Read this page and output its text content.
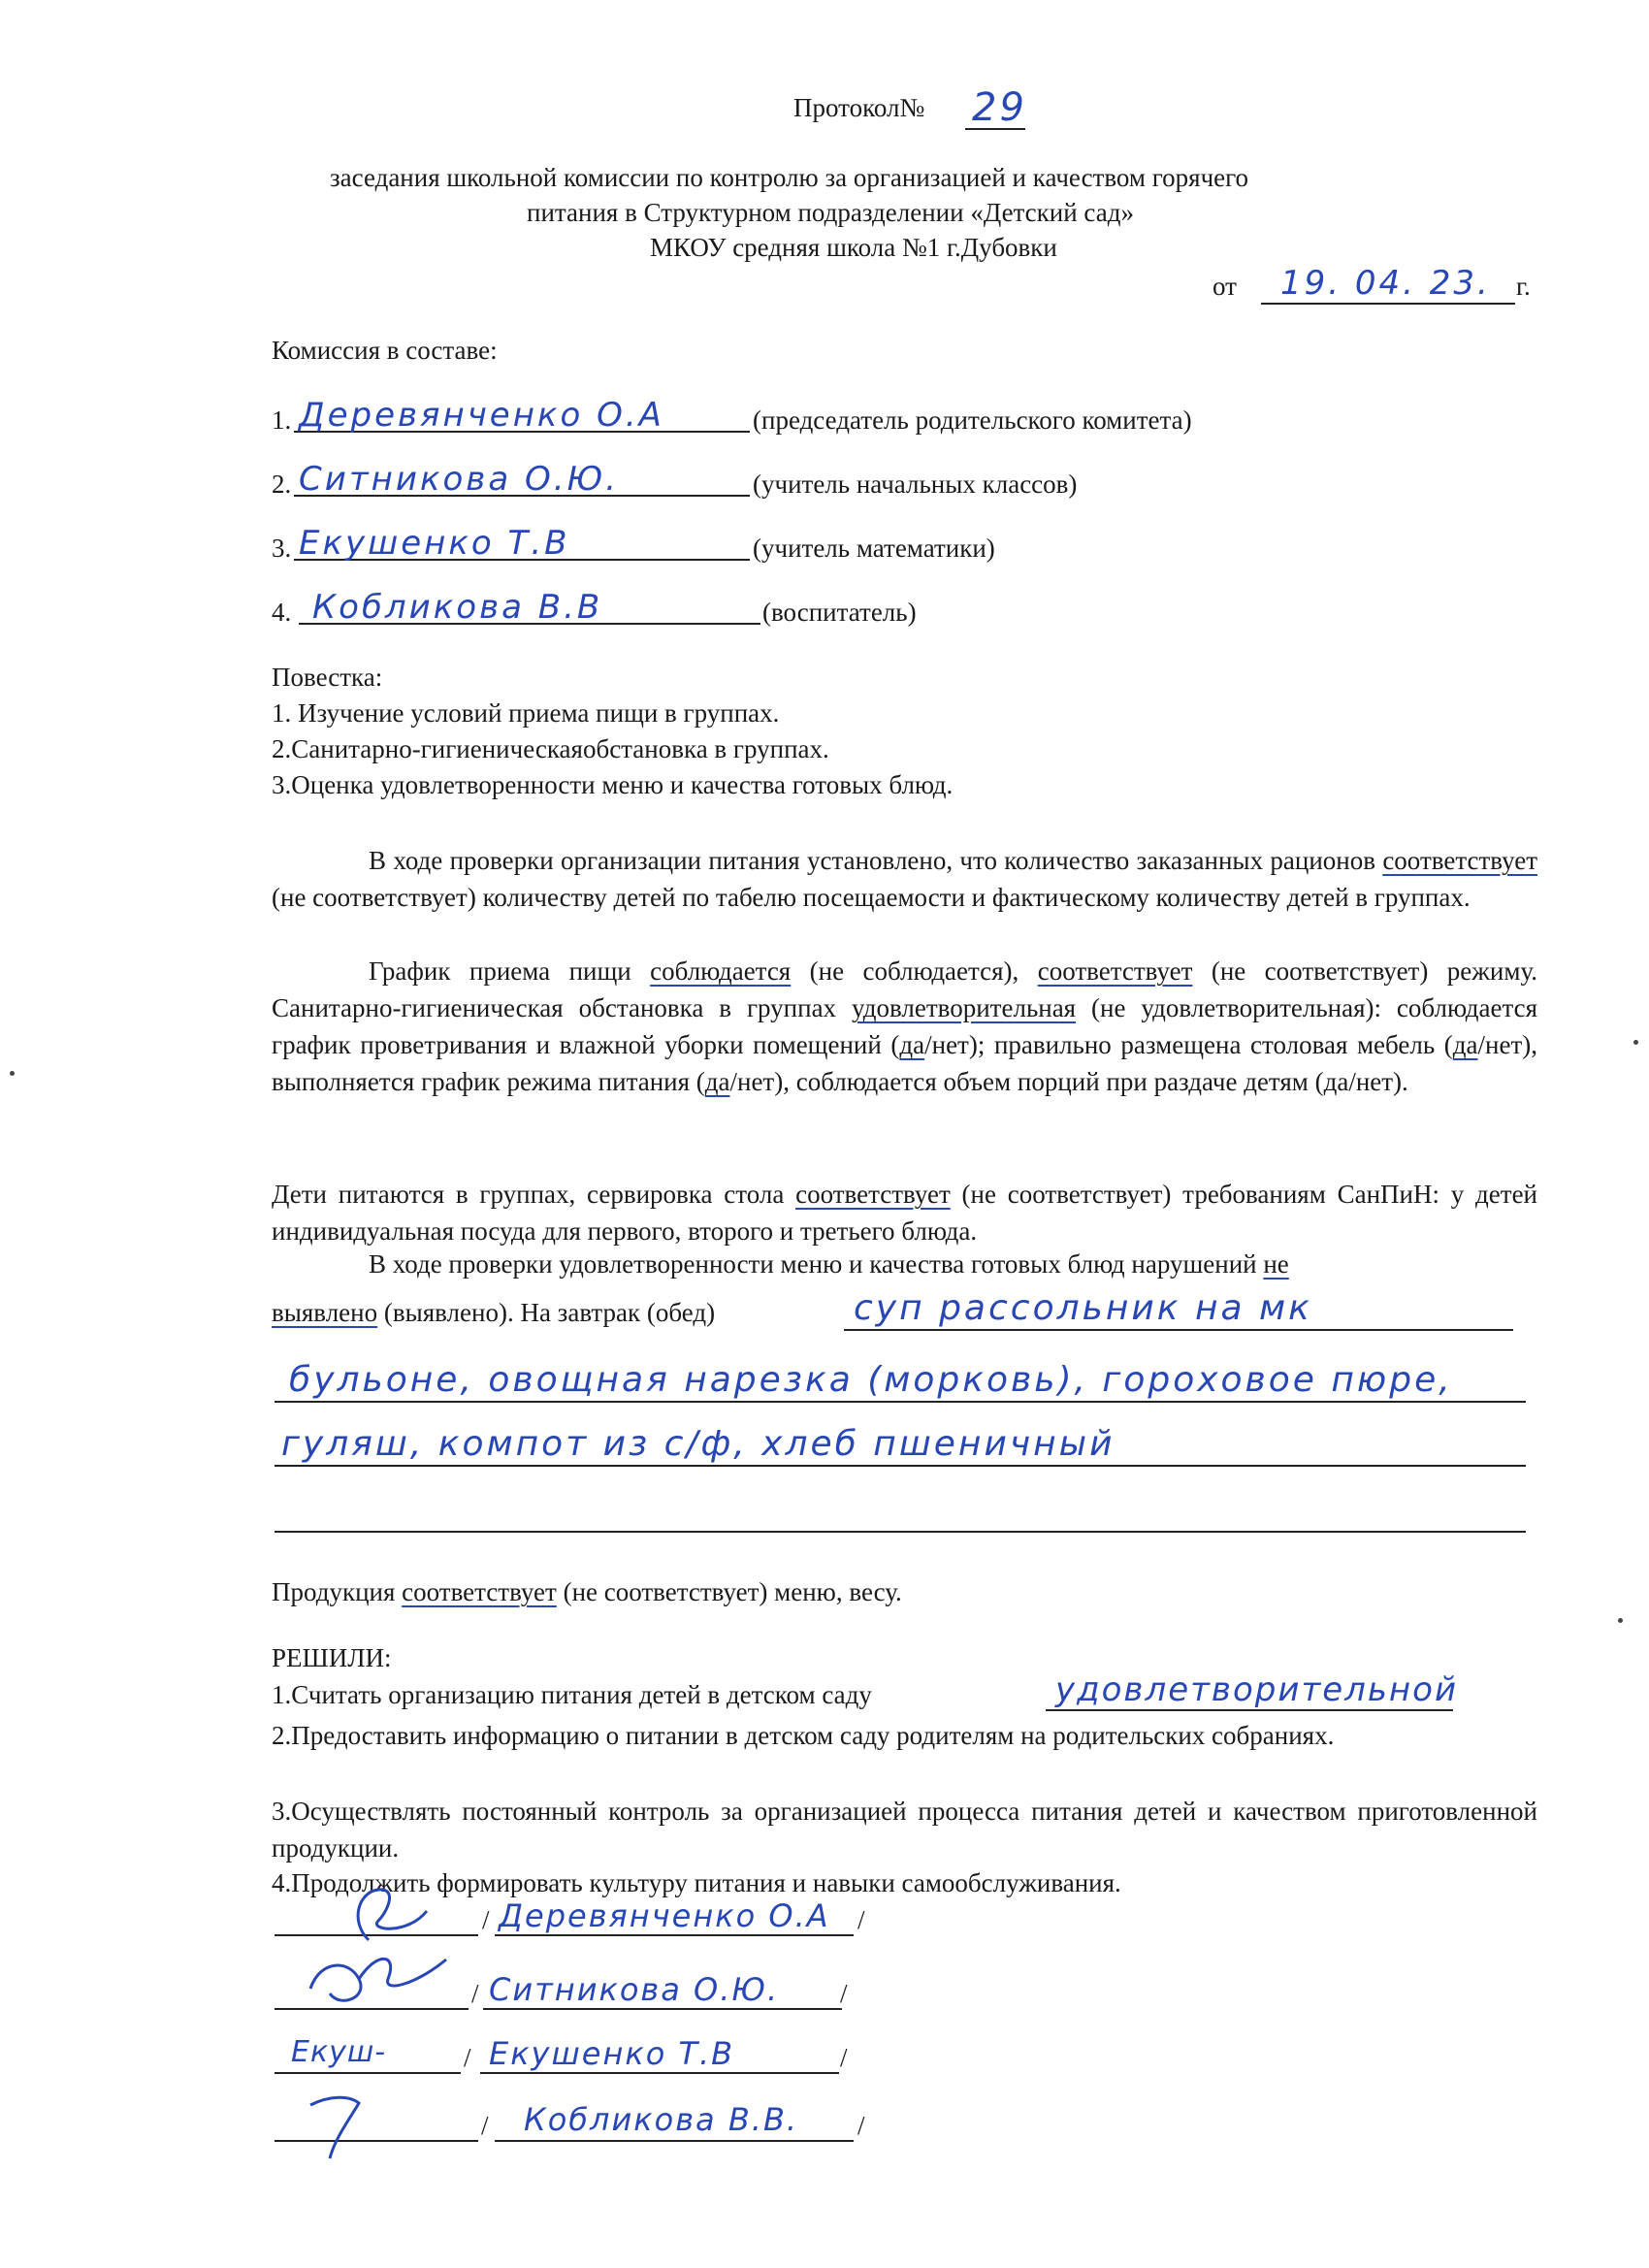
Протокол№ 29
заседания школьной комиссии по контролю за организацией и качеством горячего
питания в Структурном подразделении «Детский сад»
МКОУ средняя школа №1 г.Дубовки
от 19. 04. 23. г.
Комиссия в составе:
1. Деревянченко О.А	(председатель родительского комитета)
2. Ситникова О.Ю.	(учитель начальных классов)
3. Екушенко Т.В	(учитель математики)
4. Кобликова В.В	(воспитатель)
Повестка:
1. Изучение условий приема пищи в группах.
2.Санитарно-гигиеническаяобстановка в группах.
3.Оценка удовлетворенности меню и качества готовых блюд.
В ходе проверки организации питания установлено, что количество заказанных рационов соответствует (не соответствует) количеству детей по табелю посещаемости и фактическому количеству детей в группах.
График приема пищи соблюдается (не соблюдается), соответствует (не соответствует) режиму. Санитарно-гигиеническая обстановка в группах удовлетворительная (не удовлетворительная): соблюдается график проветривания и влажной уборки помещений (да/нет); правильно размещена столовая мебель (да/нет), выполняется график режима питания (да/нет), соблюдается объем порций при раздаче детям (да/нет).
Дети питаются в группах, сервировка стола соответствует (не соответствует) требованиям СанПиН: у детей индивидуальная посуда для первого, второго и третьего блюда.
В ходе проверки удовлетворенности меню и качества готовых блюд нарушений не
выявлено (выявлено). На завтрак (обед)	суп рассольник на мк
бульоне, овощная нарезка (морковь), гороховое пюре,
гуляш, компот из с/ф, хлеб пшеничный
Продукция соответствует (не соответствует) меню, весу.
РЕШИЛИ:
1.Считать организацию питания детей в детском саду	удовлетворительной
2.Предоставить информацию о питании в детском саду родителям на родительских собраниях.
3.Осуществлять постоянный контроль за организацией процесса питания детей и качеством приготовленной продукции.
4.Продолжить формировать культуру питания и навыки самообслуживания.
/ Деревянченко О.А /
/ Ситникова О.Ю. /
Екуш-	/ Екушенко Т.В	/
/ Кобликова В.В. /
